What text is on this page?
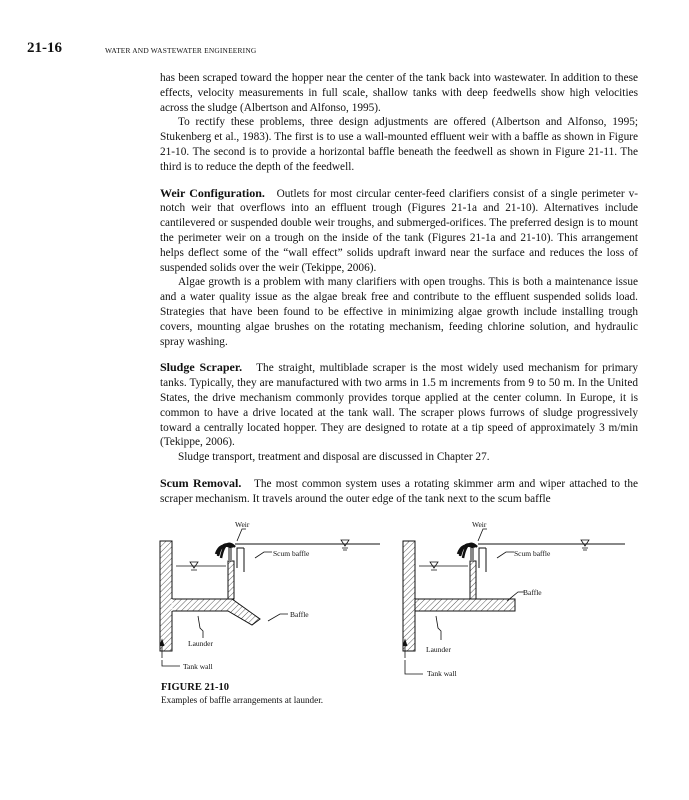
21-16	WATER AND WASTEWATER ENGINEERING

has been scraped toward the hopper near the center of the tank back into wastewater. In addition to these effects, velocity measurements in full scale, shallow tanks with deep feedwells show high velocities across the sludge (Albertson and Alfonso, 1995).

To rectify these problems, three design adjustments are offered (Albertson and Alfonso, 1995; Stukenberg et al., 1983). The first is to use a wall-mounted effluent weir with a baffle as shown in Figure 21-10. The second is to provide a horizontal baffle beneath the feedwell as shown in Figure 21-11. The third is to reduce the depth of the feedwell.

Weir Configuration. Outlets for most circular center-feed clarifiers consist of a single perimeter v-notch weir that overflows into an effluent trough (Figures 21-1a and 21-10). Alternatives include cantilevered or suspended double weir troughs, and submerged-orifices. The preferred design is to mount the perimeter weir on a trough on the inside of the tank (Figures 21-1a and 21-10). This arrangement helps deflect some of the “wall effect” solids updraft inward near the surface and reduces the loss of suspended solids over the weir (Tekippe, 2006).

Algae growth is a problem with many clarifiers with open troughs. This is both a maintenance issue and a water quality issue as the algae break free and contribute to the effluent suspended solids load. Strategies that have been found to be effective in minimizing algae growth include installing trough covers, mounting algae brushes on the rotating mechanism, feeding chlorine solution, and hydraulic spray washing.

Sludge Scraper. The straight, multiblade scraper is the most widely used mechanism for primary tanks. Typically, they are manufactured with two arms in 1.5 m increments from 9 to 50 m. In the United States, the drive mechanism commonly provides torque applied at the center column. In Europe, it is common to have a drive located at the tank wall. The scraper plows furrows of sludge progressively toward a centrally located hopper. They are designed to rotate at a tip speed of approximately 3 m/min (Tekippe, 2006).

Sludge transport, treatment and disposal are discussed in Chapter 27.

Scum Removal. The most common system uses a rotating skimmer arm and wiper attached to the scraper mechanism. It travels around the outer edge of the tank next to the scum baffle

Weir
Scum baffle
Baffle
Launder
Tank wall
Weir
Scum baffle
Baffle
Launder
Tank wall
FIGURE 21-10
Examples of baffle arrangements at launder.
